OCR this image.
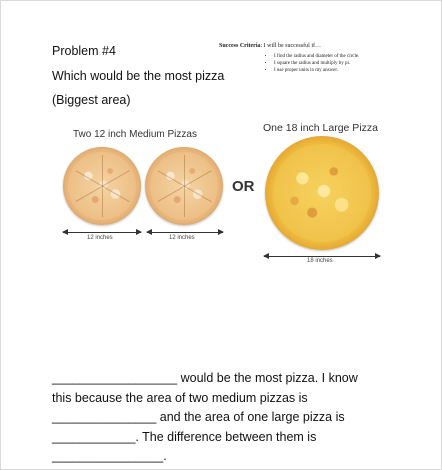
Problem #4
Which would be the most pizza
(Biggest area)
Success Criteria: I will be successful if…
• I find the radius and diameter of the circle.
• I square the radius and multiply by pi.
• I use proper units in my answer.
Two 12 inch Medium Pizzas
One 18 inch Large Pizza
OR
12 inches	12 inches
18 inches

__________________ would be the most pizza. I know

this because the area of two medium pizzas is

_______________ and the area of one large pizza is

____________. The difference between them is

________________.
